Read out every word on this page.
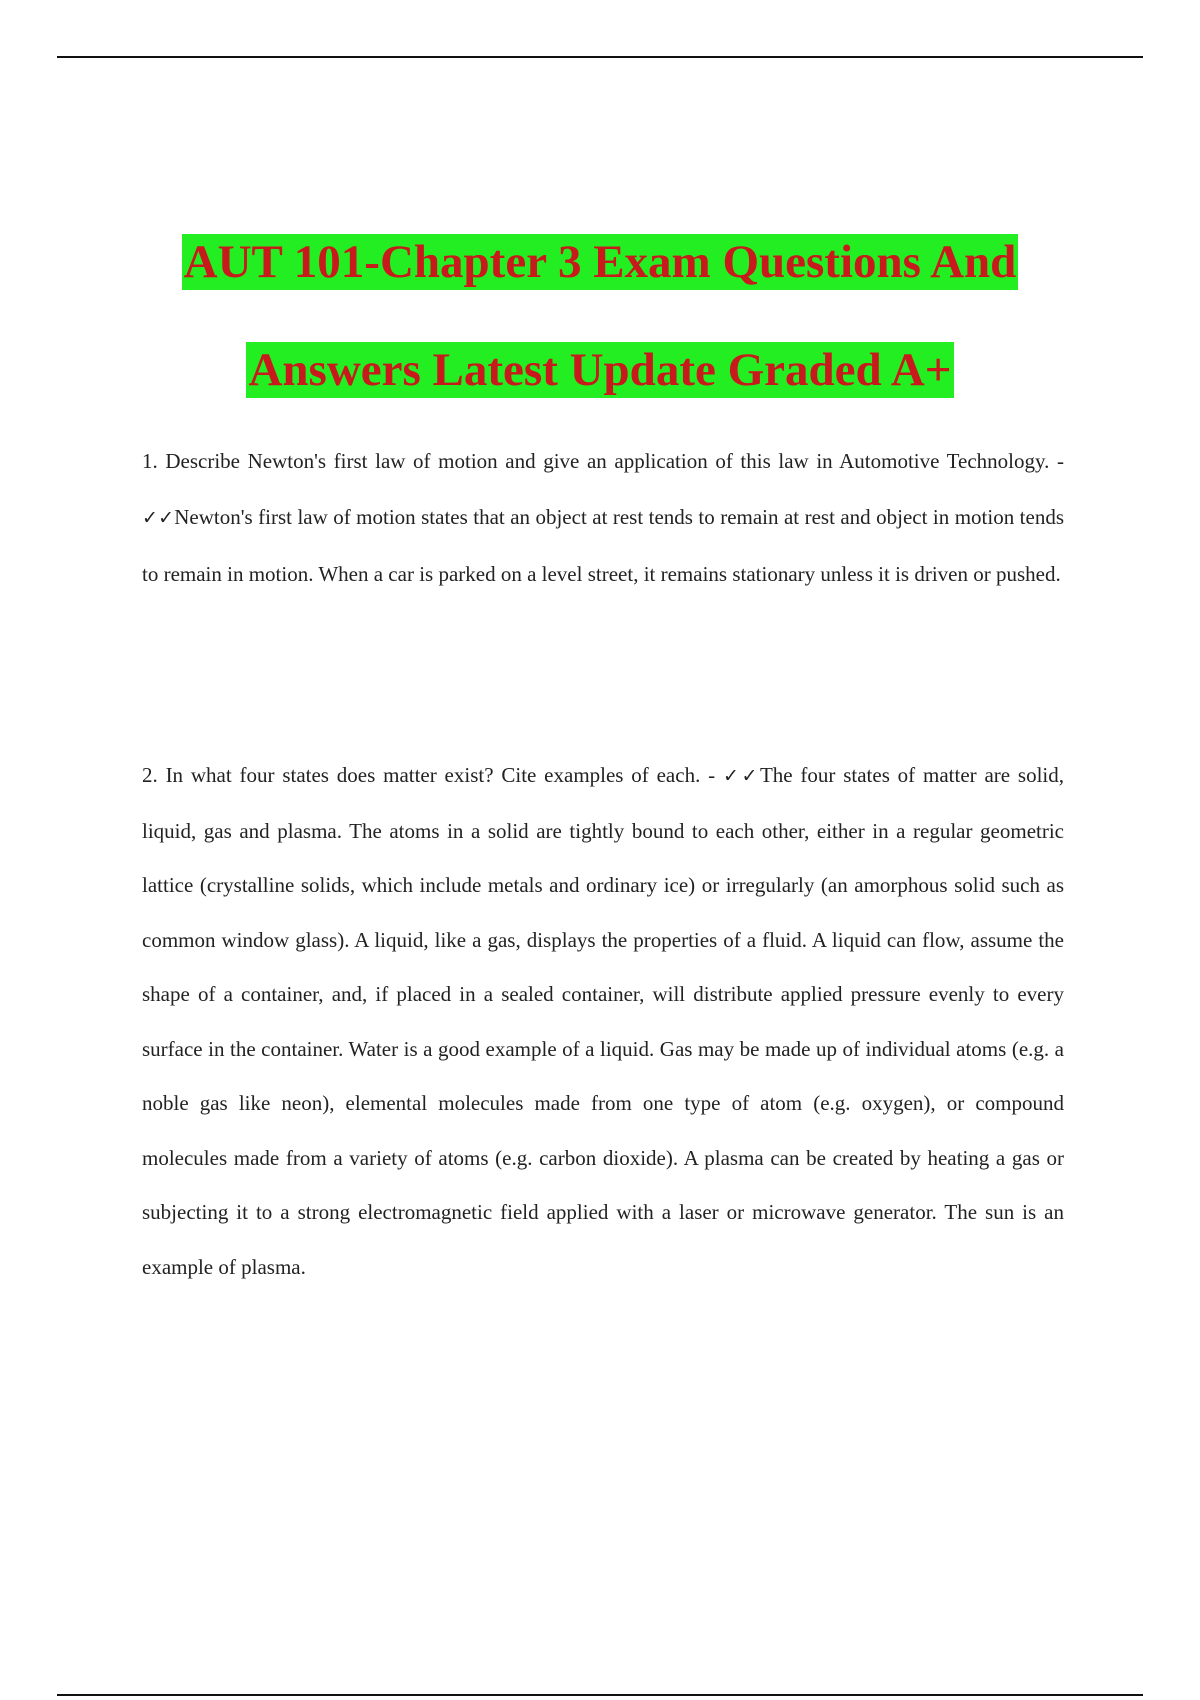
AUT 101-Chapter 3 Exam Questions And
Answers Latest Update Graded A+

1. Describe Newton's first law of motion and give an application of this law in Automotive Technology. - ✓✓Newton's first law of motion states that an object at rest tends to remain at rest and object in motion tends to remain in motion. When a car is parked on a level street, it remains stationary unless it is driven or pushed.

2. In what four states does matter exist? Cite examples of each. - ✓✓The four states of matter are solid, liquid, gas and plasma. The atoms in a solid are tightly bound to each other, either in a regular geometric lattice (crystalline solids, which include metals and ordinary ice) or irregularly (an amorphous solid such as common window glass). A liquid, like a gas, displays the properties of a fluid. A liquid can flow, assume the shape of a container, and, if placed in a sealed container, will distribute applied pressure evenly to every surface in the container. Water is a good example of a liquid. Gas may be made up of individual atoms (e.g. a noble gas like neon), elemental molecules made from one type of atom (e.g. oxygen), or compound molecules made from a variety of atoms (e.g. carbon dioxide). A plasma can be created by heating a gas or subjecting it to a strong electromagnetic field applied with a laser or microwave generator. The sun is an example of plasma.
